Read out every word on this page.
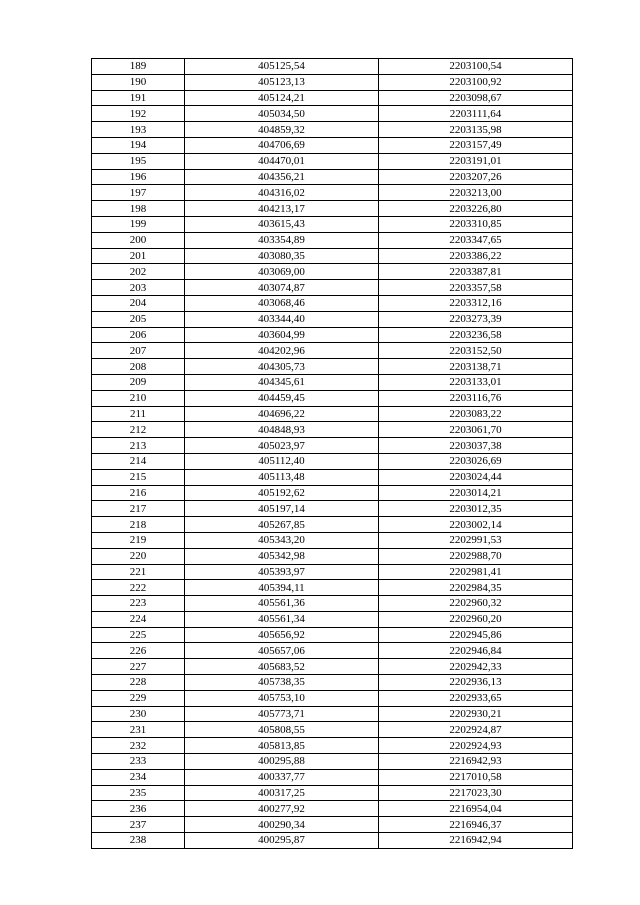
189	405125,54	2203100,54
190	405123,13	2203100,92
191	405124,21	2203098,67
192	405034,50	2203111,64
193	404859,32	2203135,98
194	404706,69	2203157,49
195	404470,01	2203191,01
196	404356,21	2203207,26
197	404316,02	2203213,00
198	404213,17	2203226,80
199	403615,43	2203310,85
200	403354,89	2203347,65
201	403080,35	2203386,22
202	403069,00	2203387,81
203	403074,87	2203357,58
204	403068,46	2203312,16
205	403344,40	2203273,39
206	403604,99	2203236,58
207	404202,96	2203152,50
208	404305,73	2203138,71
209	404345,61	2203133,01
210	404459,45	2203116,76
211	404696,22	2203083,22
212	404848,93	2203061,70
213	405023,97	2203037,38
214	405112,40	2203026,69
215	405113,48	2203024,44
216	405192,62	2203014,21
217	405197,14	2203012,35
218	405267,85	2203002,14
219	405343,20	2202991,53
220	405342,98	2202988,70
221	405393,97	2202981,41
222	405394,11	2202984,35
223	405561,36	2202960,32
224	405561,34	2202960,20
225	405656,92	2202945,86
226	405657,06	2202946,84
227	405683,52	2202942,33
228	405738,35	2202936,13
229	405753,10	2202933,65
230	405773,71	2202930,21
231	405808,55	2202924,87
232	405813,85	2202924,93
233	400295,88	2216942,93
234	400337,77	2217010,58
235	400317,25	2217023,30
236	400277,92	2216954,04
237	400290,34	2216946,37
238	400295,87	2216942,94
